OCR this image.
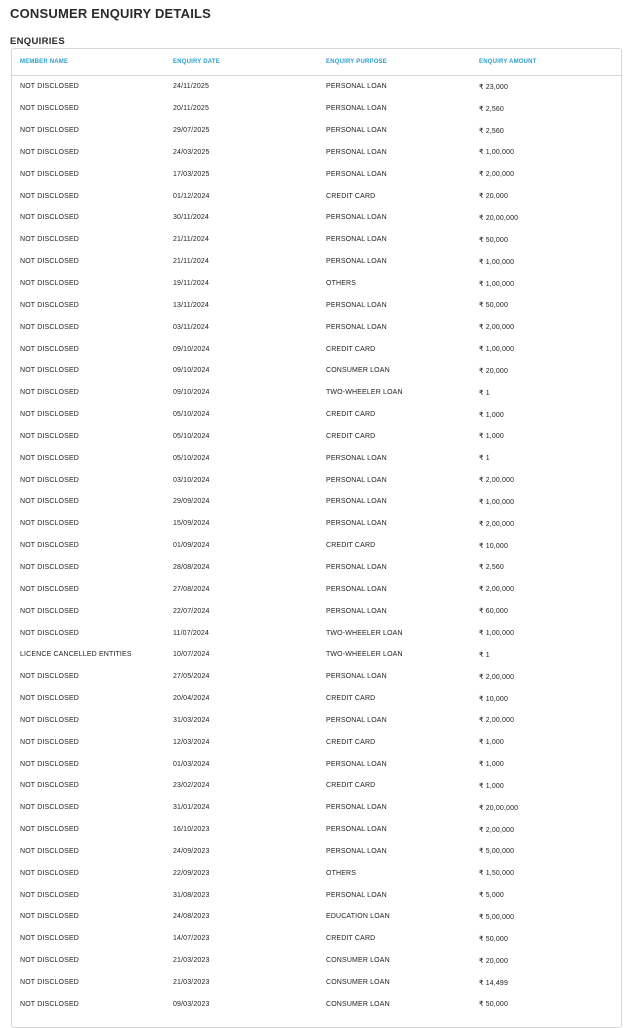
CONSUMER ENQUIRY DETAILS
ENQUIRIES
MEMBER NAME	ENQUIRY DATE	ENQUIRY PURPOSE	ENQUIRY AMOUNT
NOT DISCLOSED	24/11/2025	PERSONAL LOAN	₹ 23,000
NOT DISCLOSED	20/11/2025	PERSONAL LOAN	₹ 2,560
NOT DISCLOSED	29/07/2025	PERSONAL LOAN	₹ 2,560
NOT DISCLOSED	24/03/2025	PERSONAL LOAN	₹ 1,00,000
NOT DISCLOSED	17/03/2025	PERSONAL LOAN	₹ 2,00,000
NOT DISCLOSED	01/12/2024	CREDIT CARD	₹ 20,000
NOT DISCLOSED	30/11/2024	PERSONAL LOAN	₹ 20,00,000
NOT DISCLOSED	21/11/2024	PERSONAL LOAN	₹ 50,000
NOT DISCLOSED	21/11/2024	PERSONAL LOAN	₹ 1,00,000
NOT DISCLOSED	19/11/2024	OTHERS	₹ 1,00,000
NOT DISCLOSED	13/11/2024	PERSONAL LOAN	₹ 50,000
NOT DISCLOSED	03/11/2024	PERSONAL LOAN	₹ 2,00,000
NOT DISCLOSED	09/10/2024	CREDIT CARD	₹ 1,00,000
NOT DISCLOSED	09/10/2024	CONSUMER LOAN	₹ 20,000
NOT DISCLOSED	09/10/2024	TWO-WHEELER LOAN	₹ 1
NOT DISCLOSED	05/10/2024	CREDIT CARD	₹ 1,000
NOT DISCLOSED	05/10/2024	CREDIT CARD	₹ 1,000
NOT DISCLOSED	05/10/2024	PERSONAL LOAN	₹ 1
NOT DISCLOSED	03/10/2024	PERSONAL LOAN	₹ 2,00,000
NOT DISCLOSED	29/09/2024	PERSONAL LOAN	₹ 1,00,000
NOT DISCLOSED	15/09/2024	PERSONAL LOAN	₹ 2,00,000
NOT DISCLOSED	01/09/2024	CREDIT CARD	₹ 10,000
NOT DISCLOSED	28/08/2024	PERSONAL LOAN	₹ 2,560
NOT DISCLOSED	27/08/2024	PERSONAL LOAN	₹ 2,00,000
NOT DISCLOSED	22/07/2024	PERSONAL LOAN	₹ 60,000
NOT DISCLOSED	11/07/2024	TWO-WHEELER LOAN	₹ 1,00,000
LICENCE CANCELLED ENTITIES	10/07/2024	TWO-WHEELER LOAN	₹ 1
NOT DISCLOSED	27/05/2024	PERSONAL LOAN	₹ 2,00,000
NOT DISCLOSED	20/04/2024	CREDIT CARD	₹ 10,000
NOT DISCLOSED	31/03/2024	PERSONAL LOAN	₹ 2,00,000
NOT DISCLOSED	12/03/2024	CREDIT CARD	₹ 1,000
NOT DISCLOSED	01/03/2024	PERSONAL LOAN	₹ 1,000
NOT DISCLOSED	23/02/2024	CREDIT CARD	₹ 1,000
NOT DISCLOSED	31/01/2024	PERSONAL LOAN	₹ 20,00,000
NOT DISCLOSED	16/10/2023	PERSONAL LOAN	₹ 2,00,000
NOT DISCLOSED	24/09/2023	PERSONAL LOAN	₹ 5,00,000
NOT DISCLOSED	22/09/2023	OTHERS	₹ 1,50,000
NOT DISCLOSED	31/08/2023	PERSONAL LOAN	₹ 5,000
NOT DISCLOSED	24/08/2023	EDUCATION LOAN	₹ 5,00,000
NOT DISCLOSED	14/07/2023	CREDIT CARD	₹ 50,000
NOT DISCLOSED	21/03/2023	CONSUMER LOAN	₹ 20,000
NOT DISCLOSED	21/03/2023	CONSUMER LOAN	₹ 14,499
NOT DISCLOSED	09/03/2023	CONSUMER LOAN	₹ 50,000
